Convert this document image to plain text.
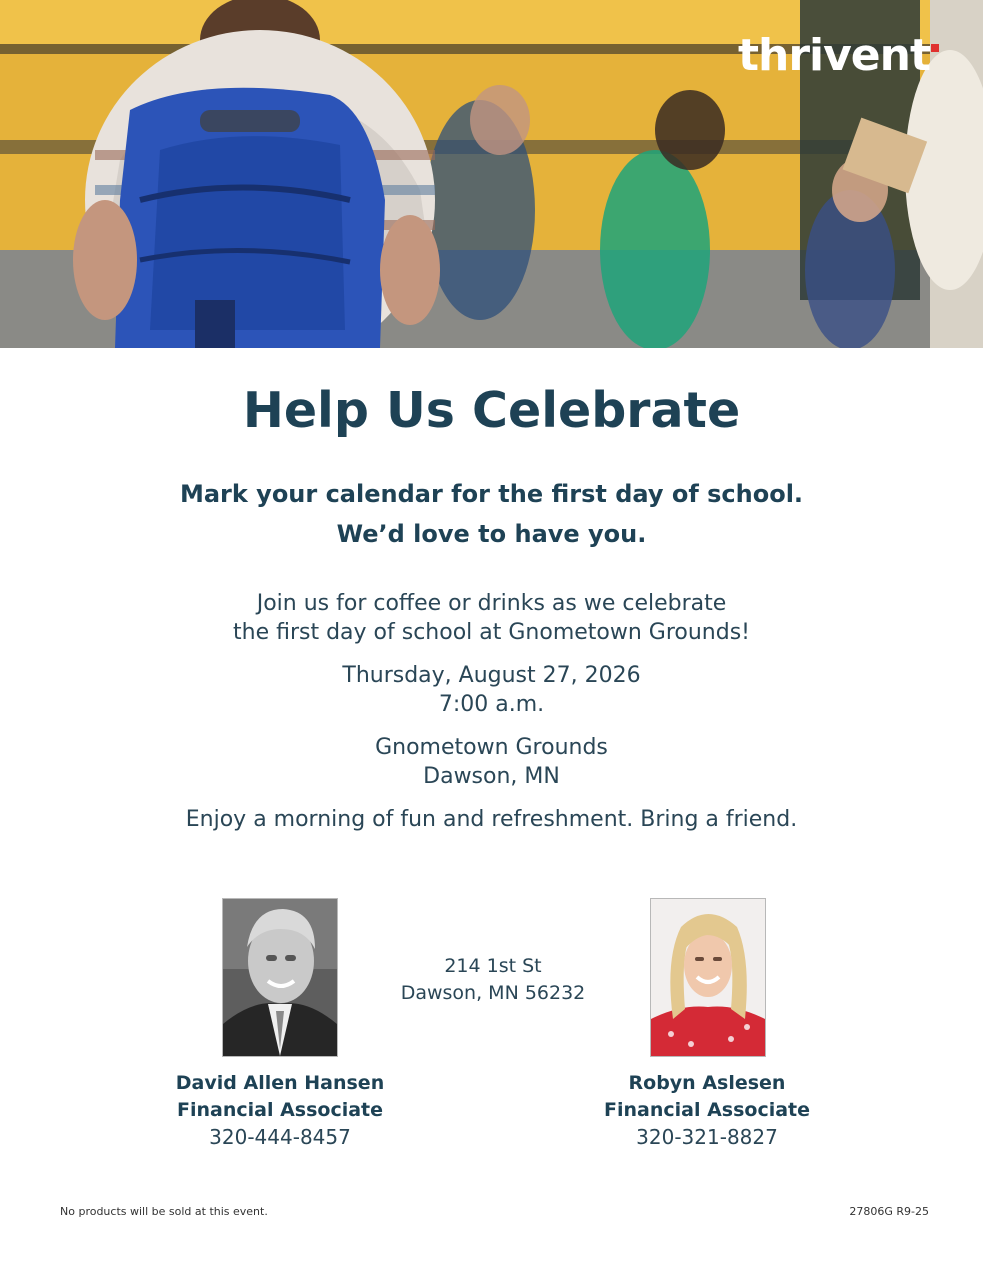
thrivent
Help Us Celebrate
Mark your calendar for the first day of school.
We’d love to have you.
Join us for coffee or drinks as we celebrate
the first day of school at Gnometown Grounds!
Thursday, August 27, 2026
7:00 a.m.
Gnometown Grounds
Dawson, MN
Enjoy a morning of fun and refreshment. Bring a friend.
214 1st St
Dawson, MN 56232
David Allen Hansen
Financial Associate
320-444-8457
Robyn Aslesen
Financial Associate
320-321-8827
No products will be sold at this event.	27806G R9-25
